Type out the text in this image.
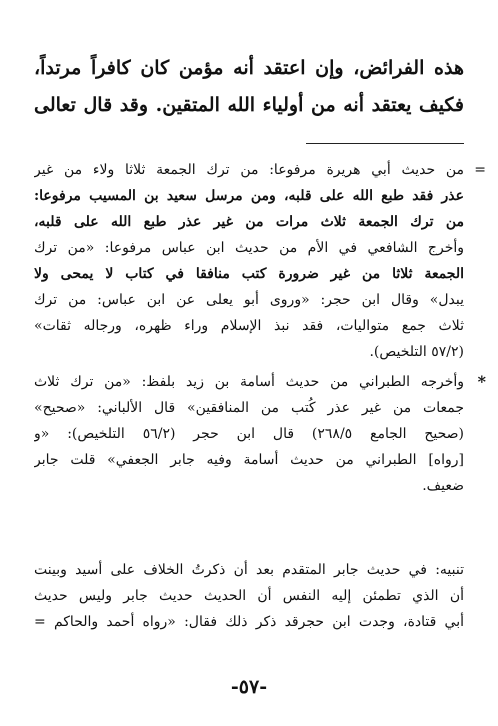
هذه الفرائض، وإن اعتقد أنه مؤمن كان كافراً مرتداً،
فكيف يعتقد أنه من أولياء الله المتقين. وقد قال تعالى
=
من حديث أبي هريرة مرفوعا: من ترك الجمعة ثلاثا ولاء من غير
عذر فقد طبع الله على قلبه، ومن مرسل سعيد بن المسيب مرفوعا:
من ترك الجمعة ثلاث مرات من غير عذر طبع الله على قلبه،
وأخرج الشافعي في الأم من حديث ابن عباس مرفوعا: «من ترك
الجمعة ثلاثا من غير ضرورة كتب منافقا في كتاب لا يمحى ولا
يبدل» وقال ابن حجر: «وروى أبو يعلى عن ابن عباس: من ترك
ثلاث جمع متواليات، فقد نبذ الإسلام وراء ظهره، ورجاله ثقات»
(٥٧/٢ التلخيص).
*
وأخرجه الطبراني من حديث أسامة بن زيد بلفظ: «من ترك ثلاث
جمعات من غير عذر كُتب من المنافقين» قال الألباني: «صحيح»
(صحيح الجامع ٢٦٨/٥) قال ابن حجر (٥٦/٢ التلخيص): «و
[رواه] الطبراني من حديث أسامة وفيه جابر الجعفي» قلت جابر
ضعيف.
تنبيه: في حديث جابر المتقدم بعد أن ذكرتُ الخلاف على أسيد وبينت
أن الذي تطمئن إليه النفس أن الحديث حديث جابر وليس حديث
أبي قتادة، وجدت ابن حجرقد ذكر ذلك فقال: «رواه أحمد والحاكم =
-٥٧-
